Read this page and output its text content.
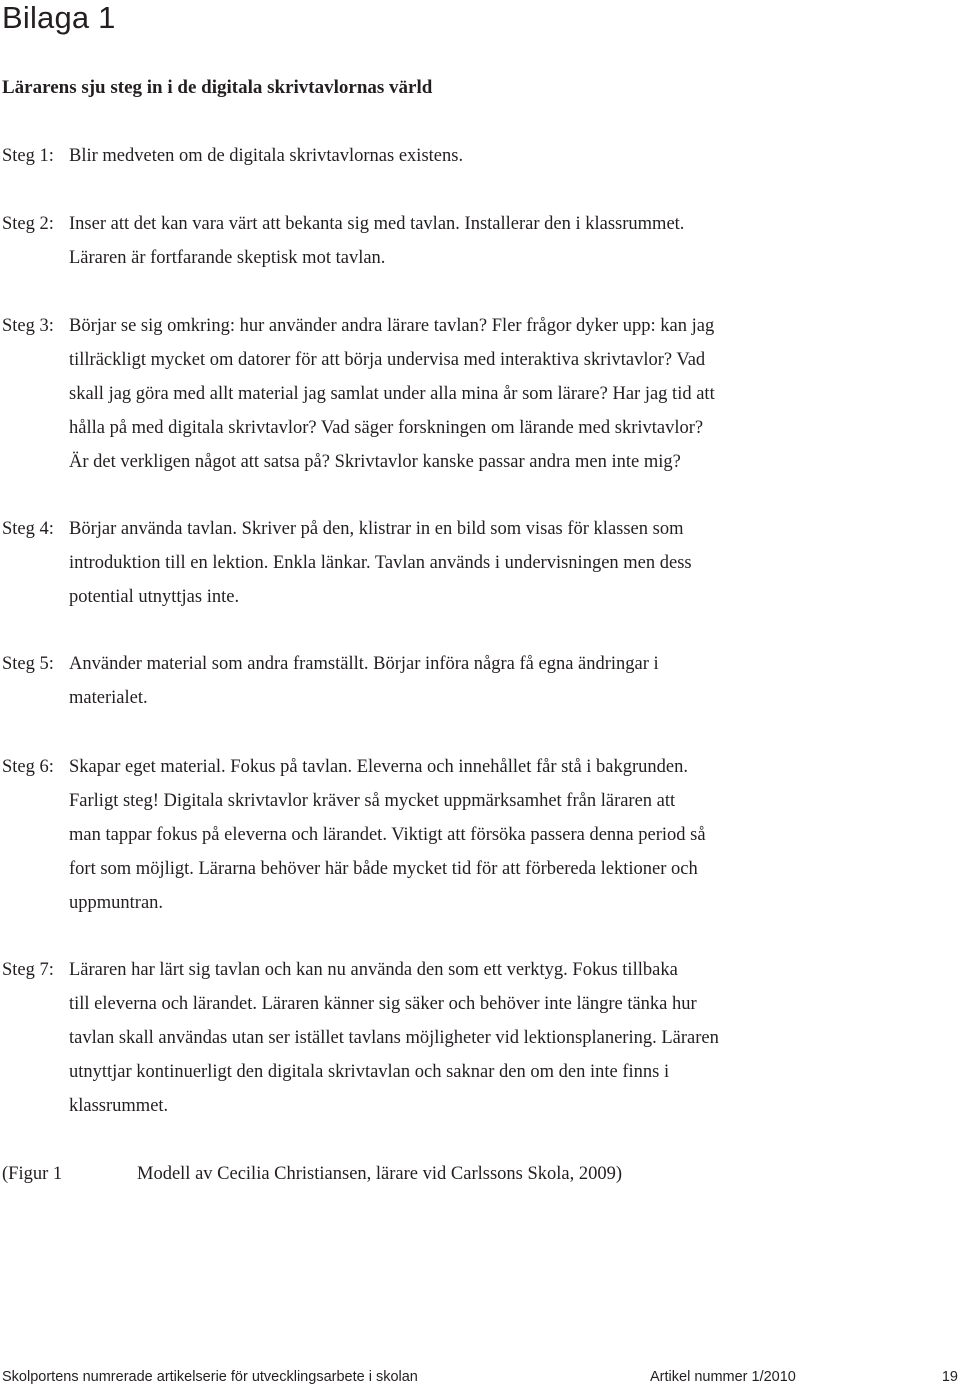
Bilaga 1
Lärarens sju steg in i de digitala skrivtavlornas värld
Steg 1: Blir medveten om de digitala skrivtavlornas existens.
Steg 2: Inser att det kan vara värt att bekanta sig med tavlan. Installerar den i klassrummet.
Läraren är fortfarande skeptisk mot tavlan.
Steg 3: Börjar se sig omkring: hur använder andra lärare tavlan? Fler frågor dyker upp: kan jag
tillräckligt mycket om datorer för att börja undervisa med interaktiva skrivtavlor? Vad
skall jag göra med allt material jag samlat under alla mina år som lärare? Har jag tid att
hålla på med digitala skrivtavlor? Vad säger forskningen om lärande med skrivtavlor?
Är det verkligen något att satsa på? Skrivtavlor kanske passar andra men inte mig?
Steg 4: Börjar använda tavlan. Skriver på den, klistrar in en bild som visas för klassen som
introduktion till en lektion. Enkla länkar. Tavlan används i undervisningen men dess
potential utnyttjas inte.
Steg 5: Använder material som andra framställt. Börjar införa några få egna ändringar i
materialet.
Steg 6: Skapar eget material. Fokus på tavlan. Eleverna och innehållet får stå i bakgrunden.
Farligt steg! Digitala skrivtavlor kräver så mycket uppmärksamhet från läraren att
man tappar fokus på eleverna och lärandet. Viktigt att försöka passera denna period så
fort som möjligt. Lärarna behöver här både mycket tid för att förbereda lektioner och
uppmuntran.
Steg 7: Läraren har lärt sig tavlan och kan nu använda den som ett verktyg. Fokus tillbaka
till eleverna och lärandet. Läraren känner sig säker och behöver inte längre tänka hur
tavlan skall användas utan ser istället tavlans möjligheter vid lektionsplanering. Läraren
utnyttjar kontinuerligt den digitala skrivtavlan och saknar den om den inte finns i
klassrummet.
(Figur 1	Modell av Cecilia Christiansen, lärare vid Carlssons Skola, 2009)
Skolportens numrerade artikelserie för utvecklingsarbete i skolan	Artikel nummer 1/2010	19
